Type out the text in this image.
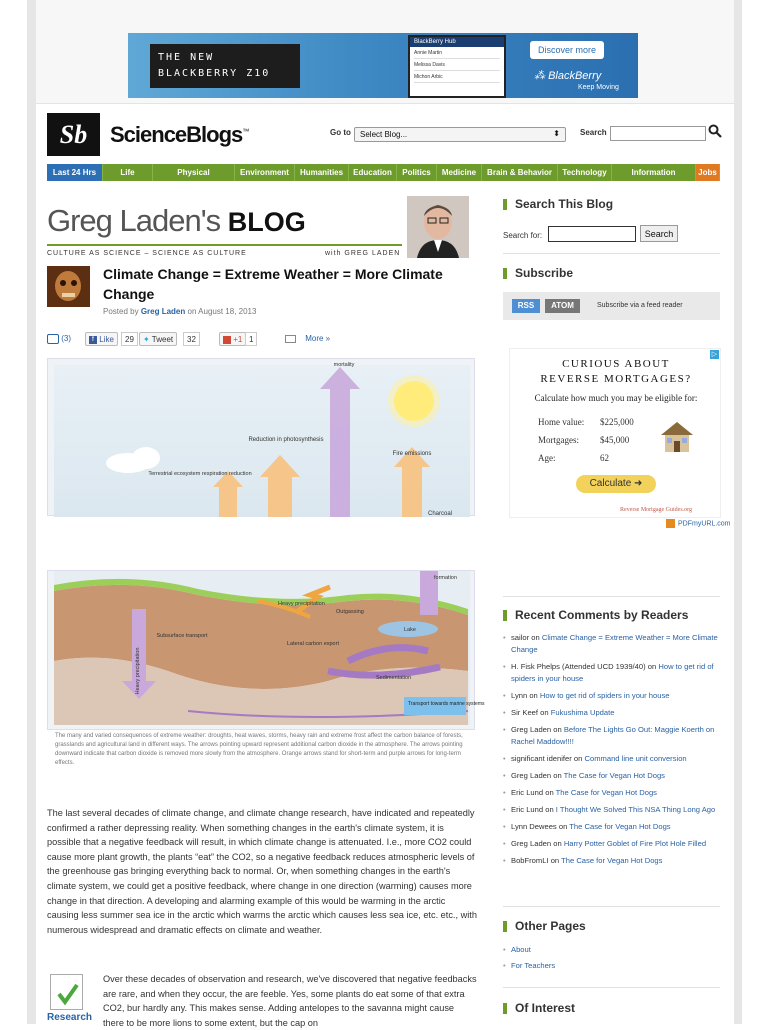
THE NEW
BLACKBERRY Z10
BlackBerry Hub
Annie Martin
Melissa Davis
Michon Arbic
Discover more
⁂ BlackBerry
Keep Moving
Sb	ScienceBlogs™	Go to	Select Blog...	⬍	Search
Last 24 Hrs	Life	Physical	Environment	Humanities	Education	Politics	Medicine	Brain & Behavior	Technology	Information	Jobs
Greg Laden's BLOG
CULTURE AS SCIENCE – SCIENCE AS CULTURE	with GREG LADEN
Climate Change = Extreme Weather = More Climate Change
Posted by Greg Laden on August 18, 2013
(3)	f Like	29	✦ Tweet	32	+1 1	More »
mortality
Reduction in photosynthesis
Fire emissions
Terrestrial ecosystem respiration reduction
Charcoal
PDFmyURL.com
Heavy precipitation
Subsurface transport
Heavy precipitation
Outgassing
Lateral carbon export
Lake
Sedimentation
Transport towards marine systems
formation
The many and varied consequences of extreme weather: droughts, heat waves, storms, heavy rain and extreme frost affect the carbon balance of forests, grasslands and agricultural land in different ways. The arrows pointing upward represent additional carbon dioxide in the atmosphere. The arrows pointing downward indicate that carbon dioxide is removed more slowly from the atmosphere. Orange arrows stand for short-term and purple arrows for long-term effects.
The last several decades of climate change, and climate change research, have indicated and repeatedly confirmed a rather depressing reality. When something changes in the earth's climate system, it is possible that a negative feedback will result, in which climate change is attenuated. I.e., more CO2 could cause more plant growth, the plants “eat” the CO2, so a negative feedback reduces atmospheric levels of the greenhouse gas bringing everything back to normal. Or, when something changes in the earth's climate system, we could get a positive feedback, where change in one direction (warming) causes more change in that direction. A developing and alarming example of this would be warming in the arctic causing less summer sea ice in the arctic which warms the arctic which causes less sea ice, etc. etc., with numerous widespread and dramatic effects on climate and weather.
Research
Over these decades of observation and research, we've discovered that negative feedbacks are rare, and when they occur, the are feeble. Yes, some plants do eat some of that extra CO2, bur hardly any. This makes sense. Adding antelopes to the savanna might cause there to be more lions to some extent, but the cap on
Search This Blog
Search for:	Search
Subscribe
RSS	ATOM	Subscribe via a feed reader
▷
CURIOUS ABOUT
REVERSE MORTGAGES?
Calculate how much you may be eligible for:
Home value: $225,000
Mortgages: $45,000
Age:	62
Calculate ➜
Reverse Mortgage Guides.org
Recent Comments by Readers
• sailor on Climate Change = Extreme Weather = More Climate Change
• H. Fisk Phelps (Attended UCD 1939/40) on How to get rid of spiders in your house
• Lynn on How to get rid of spiders in your house
• Sir Keef on Fukushima Update
• Greg Laden on Before The Lights Go Out: Maggie Koerth on Rachel Maddow!!!!
• significant idenifer on Command line unit conversion
• Greg Laden on The Case for Vegan Hot Dogs
• Eric Lund on The Case for Vegan Hot Dogs
• Eric Lund on I Thought We Solved This NSA Thing Long Ago
• Lynn Dewees on The Case for Vegan Hot Dogs
• Greg Laden on Harry Potter Goblet of Fire Plot Hole Filled
• BobFromLI on The Case for Vegan Hot Dogs
Other Pages
• About
• For Teachers
Of Interest
